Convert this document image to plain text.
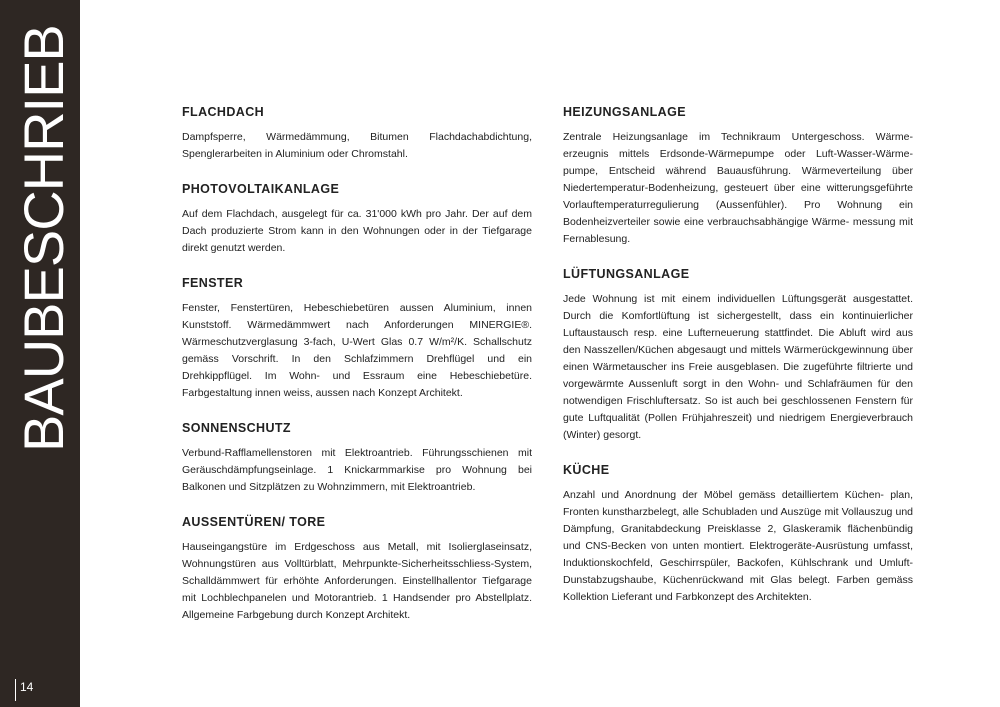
BAUBESCHRIEB
14
FLACHDACH

Dampfsperre, Wärmedämmung, Bitumen Flachdachabdichtung, Spenglerarbeiten in Aluminium oder Chromstahl.

PHOTOVOLTAIKANLAGE

Auf dem Flachdach, ausgelegt für ca. 31'000 kWh pro Jahr. Der auf dem Dach produzierte Strom kann in den Wohnungen oder in der Tiefgarage direkt genutzt werden.

FENSTER

Fenster, Fenstertüren, Hebeschiebetüren aussen Aluminium, innen Kunststoff. Wärmedämmwert nach Anforderungen MINERGIE®. Wärmeschutzverglasung 3-fach, U-Wert Glas 0.7 W/m²/K. Schallschutz gemäss Vorschrift. In den Schlafzimmern Drehflügel und ein Drehkippflügel. Im Wohn- und Essraum eine Hebeschiebetüre. Farbgestaltung innen weiss, aussen nach Konzept Architekt.

SONNENSCHUTZ

Verbund-Rafflamellenstoren mit Elektroantrieb. Führungsschienen mit Geräuschdämpfungseinlage. 1 Knickarmmarkise pro Wohnung bei Balkonen und Sitzplätzen zu Wohnzimmern, mit Elektroantrieb.

AUSSENTÜREN/ TORE

Hauseingangstüre im Erdgeschoss aus Metall, mit Isolierglaseinsatz, Wohnungstüren aus Volltürblatt, Mehrpunkte-Sicherheitsschliess-System, Schalldämmwert für erhöhte Anforderungen. Einstellhallentor Tiefgarage mit Lochblechpanelen und Motorantrieb. 1 Handsender pro Abstellplatz. Allgemeine Farbgebung durch Konzept Architekt.

HEIZUNGSANLAGE

Zentrale Heizungsanlage im Technikraum Untergeschoss. Wärmeerzeugnis mittels Erdsonde-Wärmepumpe oder Luft-Wasser-Wärmepumpe, Entscheid während Bauausführung. Wärmeverteilung über Niedertemperatur-Bodenheizung, gesteuert über eine witterungsgeführte Vorlauftemperaturregulierung (Aussenfühler). Pro Wohnung ein Bodenheizverteiler sowie eine verbrauchsabhängige Wärme- messung mit Fernablesung.

LÜFTUNGSANLAGE

Jede Wohnung ist mit einem individuellen Lüftungsgerät ausgestattet. Durch die Komfortlüftung ist sichergestellt, dass ein kontinuierlicher Luftaustausch resp. eine Lufterneuerung stattfindet. Die Abluft wird aus den Nasszellen/Küchen abgesaugt und mittels Wärmerückgewinnung über einen Wärmetauscher ins Freie ausgeblasen. Die zugeführte filtrierte und vorgewärmte Aussenluft sorgt in den Wohn- und Schlafräumen für den notwendigen Frischluftersatz. So ist auch bei geschlossenen Fenstern für gute Luftqualität (Pollen Frühjahreszeit) und niedrigem Energieverbrauch (Winter) gesorgt.

KÜCHE

Anzahl und Anordnung der Möbel gemäss detailliertem Küchen- plan, Fronten kunstharzbelegt, alle Schubladen und Auszüge mit Vollauszug und Dämpfung, Granitabdeckung Preisklasse 2, Glaskeramik flächenbündig und CNS-Becken von unten montiert. Elektrogeräte-Ausrüstung umfasst, Induktionskochfeld, Geschirrspüler, Backofen, Kühlschrank und Umluft-Dunstabzugshaube, Küchenrückwand mit Glas belegt. Farben gemäss Kollektion Lieferant und Farbkonzept des Architekten.
